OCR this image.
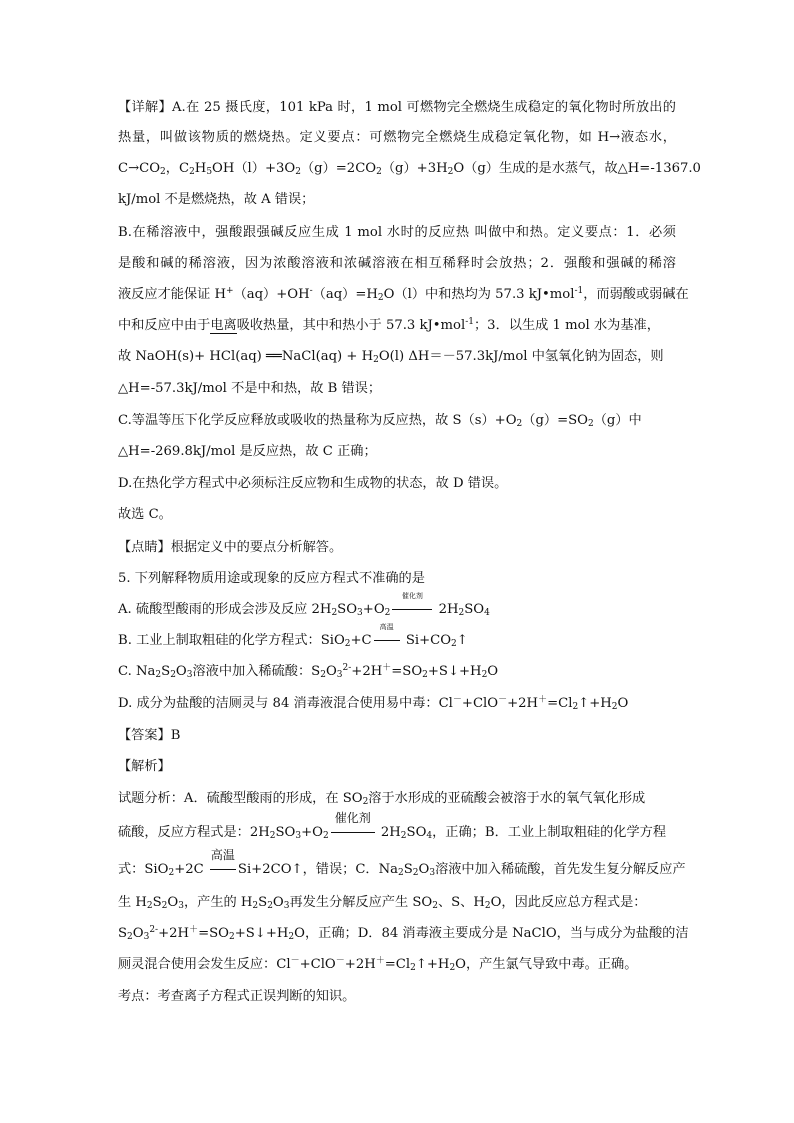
【详解】A.在 25 摄氏度，101 kPa 时，1 mol 可燃物完全燃烧生成稳定的氧化物时所放出的
热量，叫做该物质的燃烧热。定义要点：可燃物完全燃烧生成稳定氧化物，如 H→液态水，
$C\to CO_2$，$C_2H_5OH(l)+3O_2(g)=2CO_2(g)+3H_2O(g)$生成的是水蒸气，故△H=-1367.0
kJ/mol 不是燃烧热，故 A 错误；
B.在稀溶液中，强酸跟强碱反应生成 1 mol 水时的反应热 叫做中和热。定义要点：1．必须
是酸和碱的稀溶液，因为浓酸溶液和浓碱溶液在相互稀释时会放热；2．强酸和强碱的稀溶
液反应才能保证 $H^+(aq)+OH^-(aq)=H_2O(l)$中和热均为 57.3 kJ•mol$^{-1}$，而弱酸或弱碱在
中和反应中由于电离吸收热量，其中和热小于 57.3 kJ•mol$^{-1}$；3．以生成 1 mol 水为基准，
故 NaOH(s)+ HCl(aq) ══NaCl(aq) + $H_2O(l)$ ΔH＝－57.3kJ/mol 中氢氧化钠为固态，则
△H=-57.3kJ/mol 不是中和热，故 B 错误；
C.等温等压下化学反应释放或吸收的热量称为反应热，故 $S(s)+O_2(g)=SO_2(g)$中
△H=-269.8kJ/mol 是反应热，故 C 正确；
D.在热化学方程式中必须标注反应物和生成物的状态，故 D 错误。
故选 C。
【点睛】根据定义中的要点分析解答。
5. 下列解释物质用途或现象的反应方程式不准确的是
A. 硫酸型酸雨的形成会涉及反应 $2H_2SO_3+O_2$
催化剂
$2H_2SO_4$
B. 工业上制取粗硅的化学方程式：SiO$_2$+C
高温
$Si+CO_2↑$
C. $Na_2S_2O_3$溶液中加入稀硫酸：$S_2O_3^{2-}+2H^+=SO_2+S↓+H_2O$
D. 成分为盐酸的洁厕灵与 84 消毒液混合使用易中毒：$Cl^-+ClO^-+2H^+=Cl_2↑+H_2O$
【答案】B
【解析】
试题分析：A．硫酸型酸雨的形成，在 $SO_2$溶于水形成的亚硫酸会被溶于水的氧气氧化形成
硫酸，反应方程式是：$2H_2SO_3+O_2$
催化剂
$2H_2SO_4$，正确；B．工业上制取粗硅的化学方程
式：SiO$_2$+2C
高温
Si+2CO↑，错误；C．$Na_2S_2O_3$溶液中加入稀硫酸，首先发生复分解反应产
生 $H_2S_2O_3$，产生的 $H_2S_2O_3$再发生分解反应产生 $SO_2$、S、$H_2O$，因此反应总方程式是：
$S_2O_3^{2-}+2H^+=SO_2+S↓+H_2O$，正确；D．84 消毒液主要成分是 NaClO，当与成分为盐酸的洁
厕灵混合使用会发生反应：$Cl^-+ClO^-+2H^+=Cl_2↑+H_2O$，产生氯气导致中毒。正确。
考点：考查离子方程式正误判断的知识。
